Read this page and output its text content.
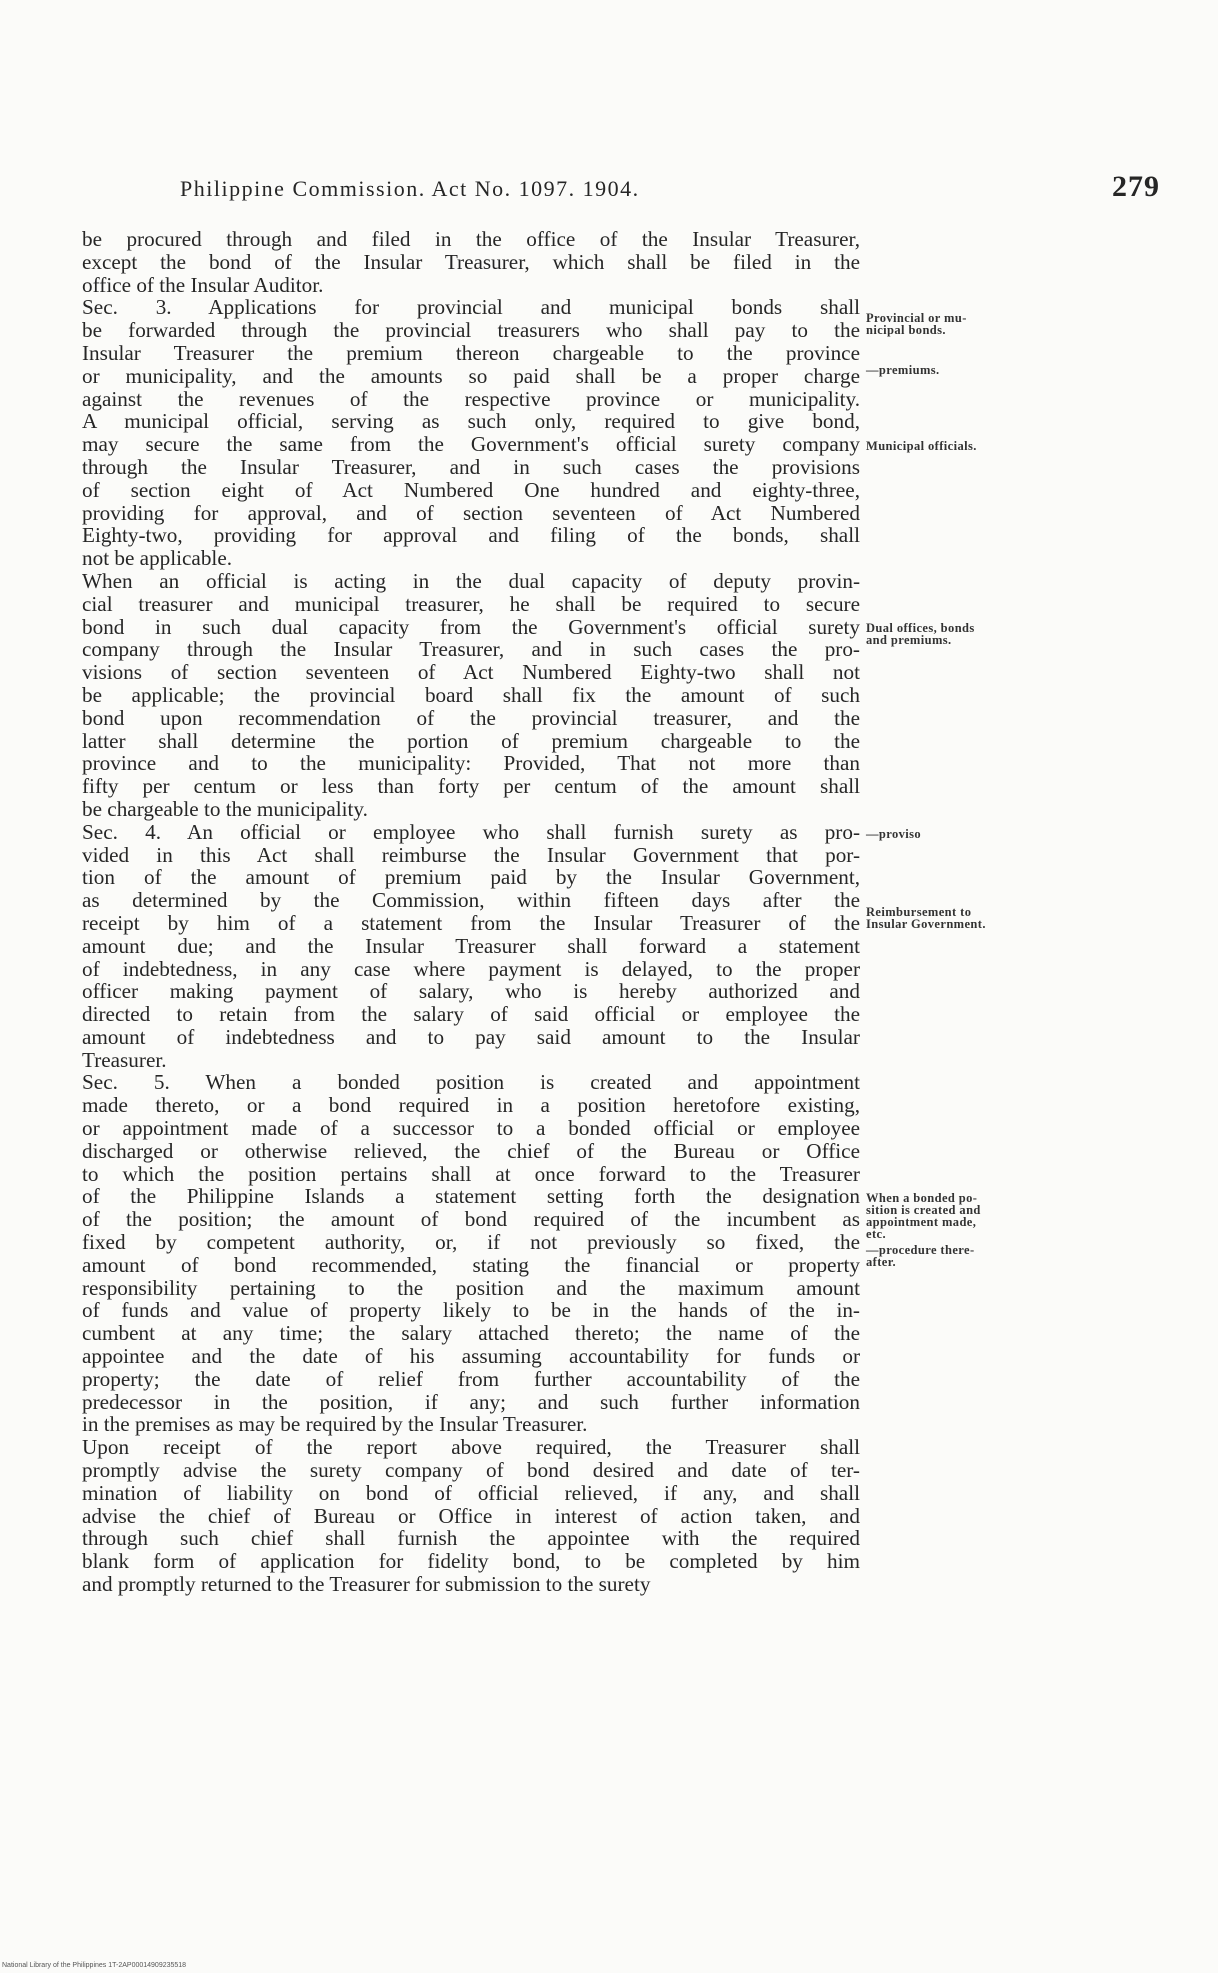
Philippine Commission. Act No. 1097. 1904.	279
be procured through and filed in the office of the Insular Treasurer,
except the bond of the Insular Treasurer, which shall be filed in the
office of the Insular Auditor.
Sec. 3. Applications for provincial and municipal bonds shall
be forwarded through the provincial treasurers who shall pay to the
Insular Treasurer the premium thereon chargeable to the province
or municipality, and the amounts so paid shall be a proper charge
against the revenues of the respective province or municipality.
A municipal official, serving as such only, required to give bond,
may secure the same from the Government's official surety company
through the Insular Treasurer, and in such cases the provisions
of section eight of Act Numbered One hundred and eighty-three,
providing for approval, and of section seventeen of Act Numbered
Eighty-two, providing for approval and filing of the bonds, shall
not be applicable.
When an official is acting in the dual capacity of deputy provin-
cial treasurer and municipal treasurer, he shall be required to secure
bond in such dual capacity from the Government's official surety
company through the Insular Treasurer, and in such cases the pro-
visions of section seventeen of Act Numbered Eighty-two shall not
be applicable; the provincial board shall fix the amount of such
bond upon recommendation of the provincial treasurer, and the
latter shall determine the portion of premium chargeable to the
province and to the municipality: Provided, That not more than
fifty per centum or less than forty per centum of the amount shall
be chargeable to the municipality.
Sec. 4. An official or employee who shall furnish surety as pro-
vided in this Act shall reimburse the Insular Government that por-
tion of the amount of premium paid by the Insular Government,
as determined by the Commission, within fifteen days after the
receipt by him of a statement from the Insular Treasurer of the
amount due; and the Insular Treasurer shall forward a statement
of indebtedness, in any case where payment is delayed, to the proper
officer making payment of salary, who is hereby authorized and
directed to retain from the salary of said official or employee the
amount of indebtedness and to pay said amount to the Insular
Treasurer.
Sec. 5. When a bonded position is created and appointment
made thereto, or a bond required in a position heretofore existing,
or appointment made of a successor to a bonded official or employee
discharged or otherwise relieved, the chief of the Bureau or Office
to which the position pertains shall at once forward to the Treasurer
of the Philippine Islands a statement setting forth the designation
of the position; the amount of bond required of the incumbent as
fixed by competent authority, or, if not previously so fixed, the
amount of bond recommended, stating the financial or property
responsibility pertaining to the position and the maximum amount
of funds and value of property likely to be in the hands of the in-
cumbent at any time; the salary attached thereto; the name of the
appointee and the date of his assuming accountability for funds or
property; the date of relief from further accountability of the
predecessor in the position, if any; and such further information
in the premises as may be required by the Insular Treasurer.
Upon receipt of the report above required, the Treasurer shall
promptly advise the surety company of bond desired and date of ter-
mination of liability on bond of official relieved, if any, and shall
advise the chief of Bureau or Office in interest of action taken, and
through such chief shall furnish the appointee with the required
blank form of application for fidelity bond, to be completed by him
and promptly returned to the Treasurer for submission to the surety
Provincial or mu-
nicipal bonds.
—premiums.
Municipal officials.
Dual offices, bonds
and premiums.
—proviso
Reimbursement to
Insular Government.
When a bonded po-
sition is created and
appointment made,
etc.
—procedure there-
after.
National Library of the Philippines 1T-2AP00014909235518
